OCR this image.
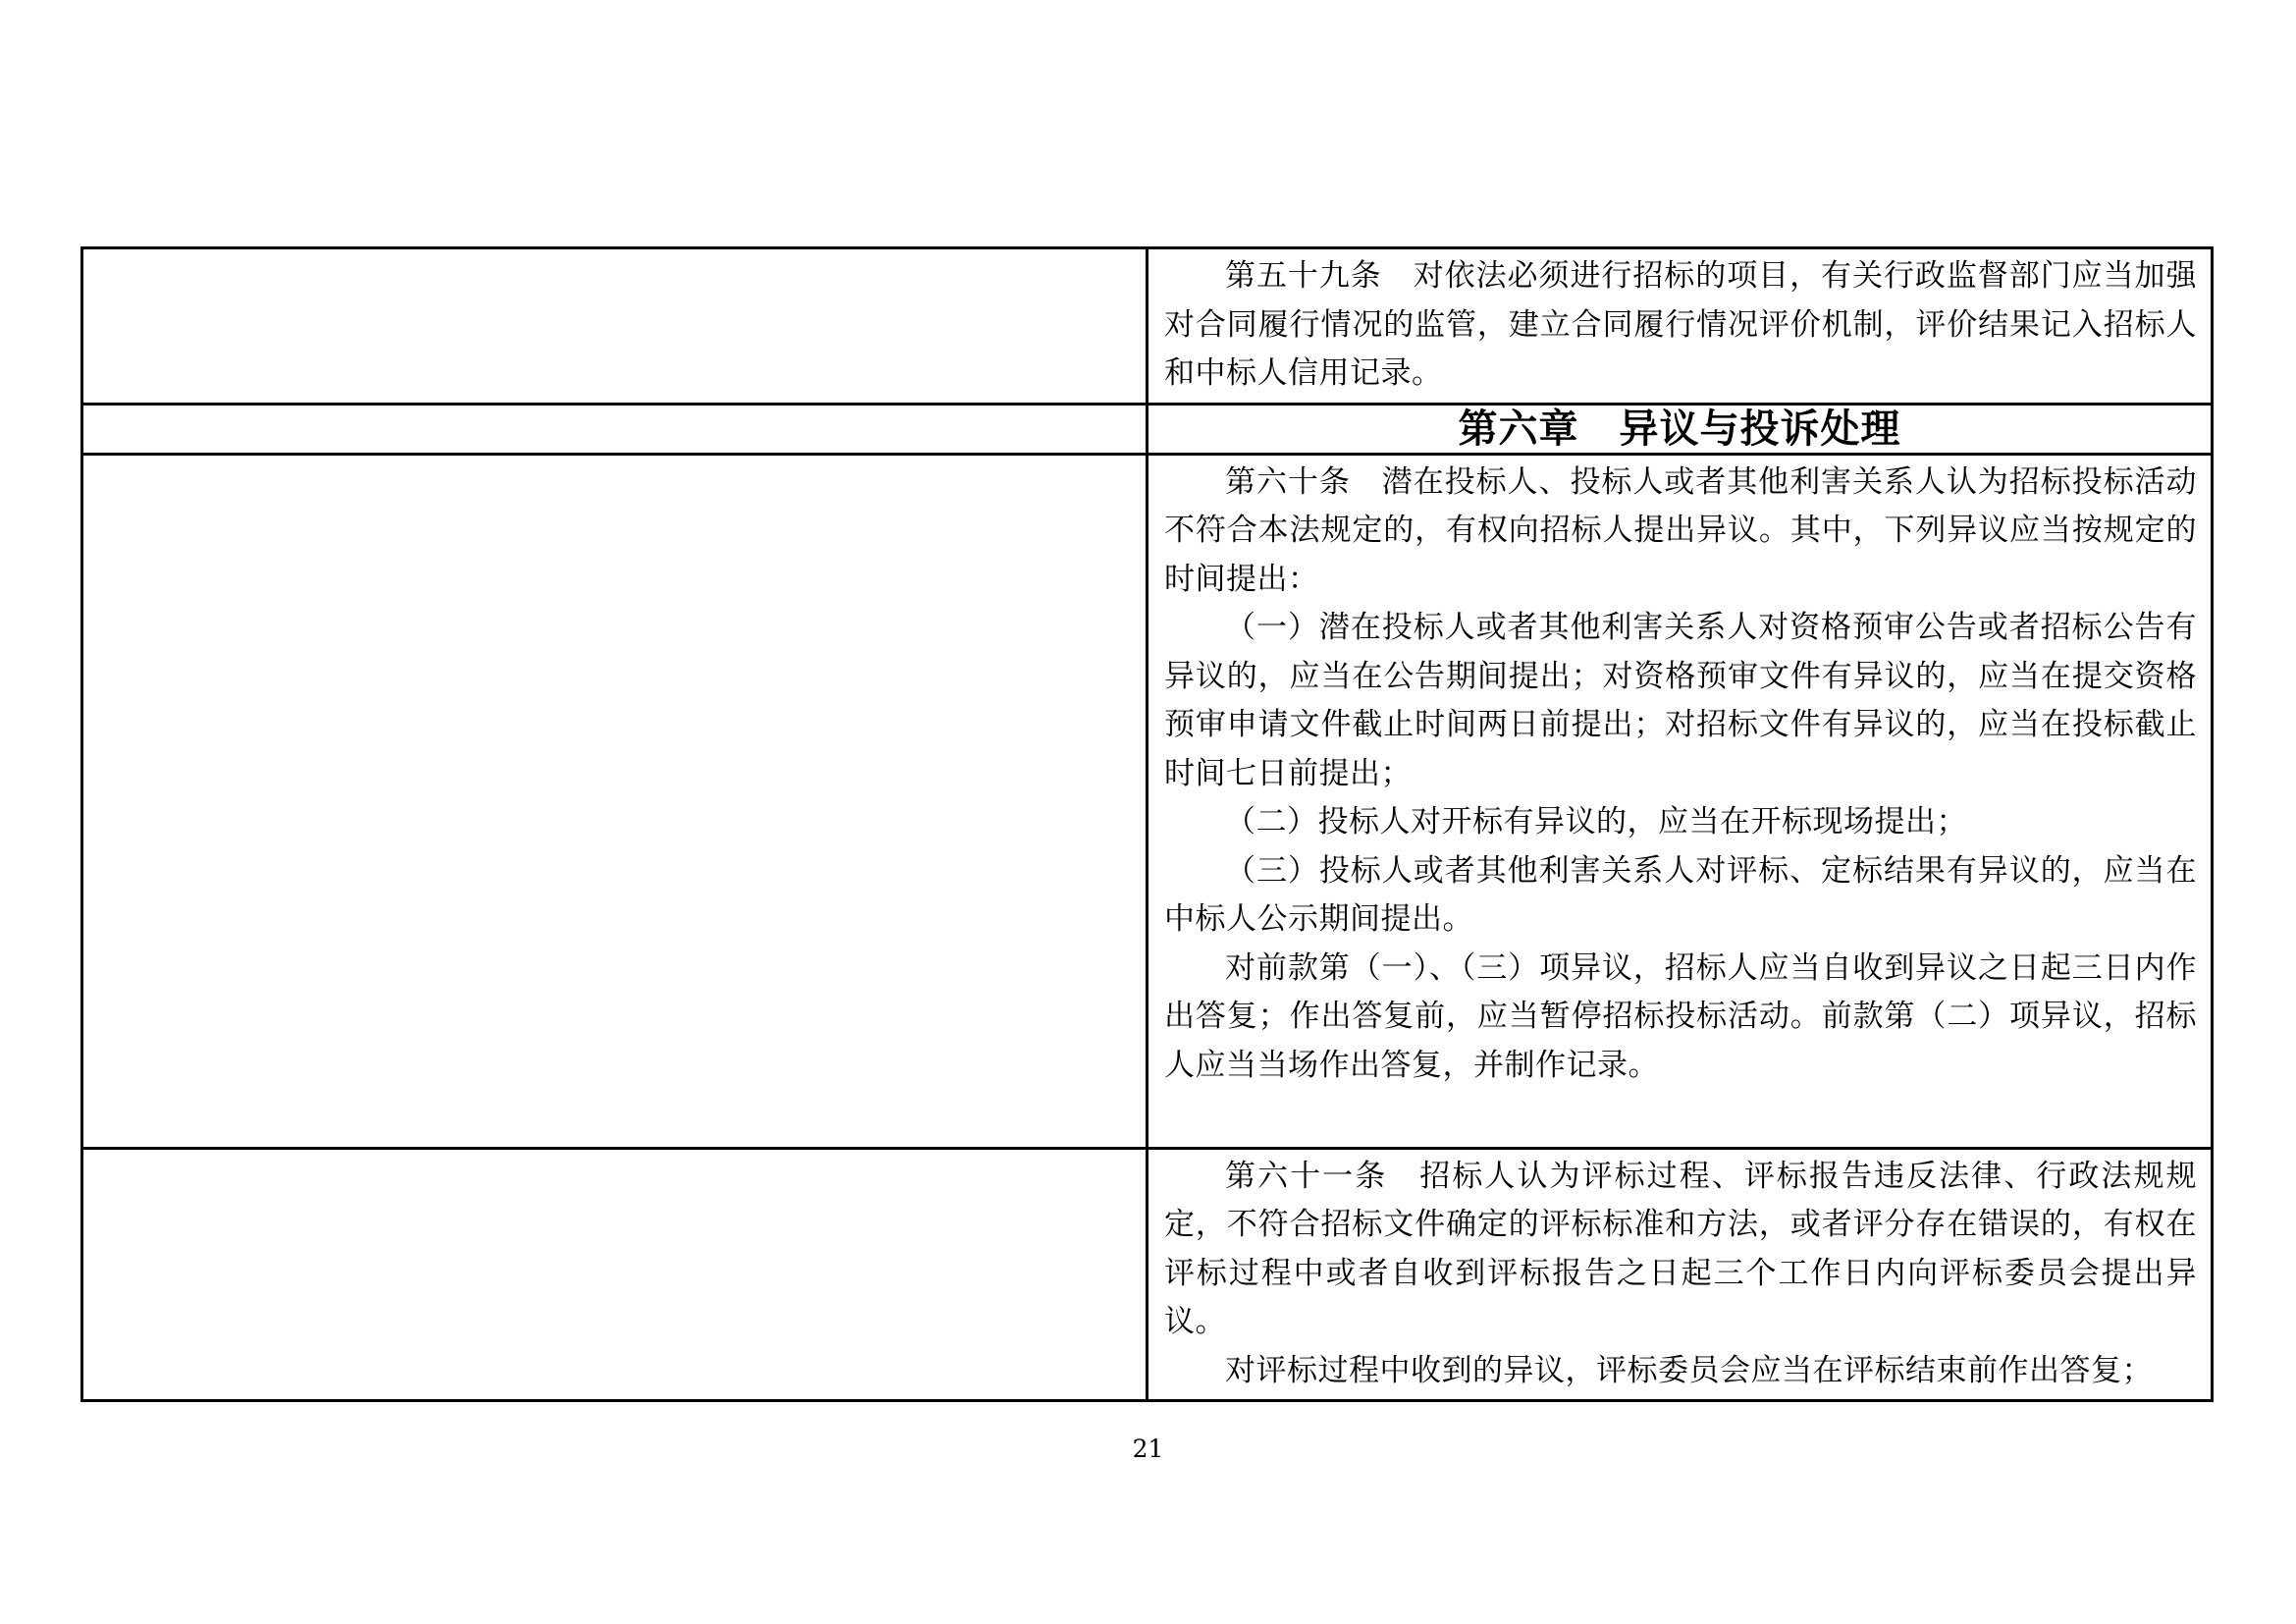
	第五十九条　对依法必须进行招标的项目，有关行政监督部门应当加强对合同履行情况的监管，建立合同履行情况评价机制，评价结果记入招标人和中标人信用记录。

	第六章　异议与投诉处理

	第六十条　潜在投标人、投标人或者其他利害关系人认为招标投标活动不符合本法规定的，有权向招标人提出异议。其中，下列异议应当按规定的时间提出：

（一）潜在投标人或者其他利害关系人对资格预审公告或者招标公告有异议的，应当在公告期间提出；对资格预审文件有异议的，应当在提交资格预审申请文件截止时间两日前提出；对招标文件有异议的，应当在投标截止时间七日前提出；

（二）投标人对开标有异议的，应当在开标现场提出；

（三）投标人或者其他利害关系人对评标、定标结果有异议的，应当在中标人公示期间提出。

对前款第（一）、（三）项异议，招标人应当自收到异议之日起三日内作出答复；作出答复前，应当暂停招标投标活动。前款第（二）项异议，招标人应当当场作出答复，并制作记录。

	第六十一条　招标人认为评标过程、评标报告违反法律、行政法规规定，不符合招标文件确定的评标标准和方法，或者评分存在错误的，有权在评标过程中或者自收到评标报告之日起三个工作日内向评标委员会提出异议。

对评标过程中收到的异议，评标委员会应当在评标结束前作出答复；

21
